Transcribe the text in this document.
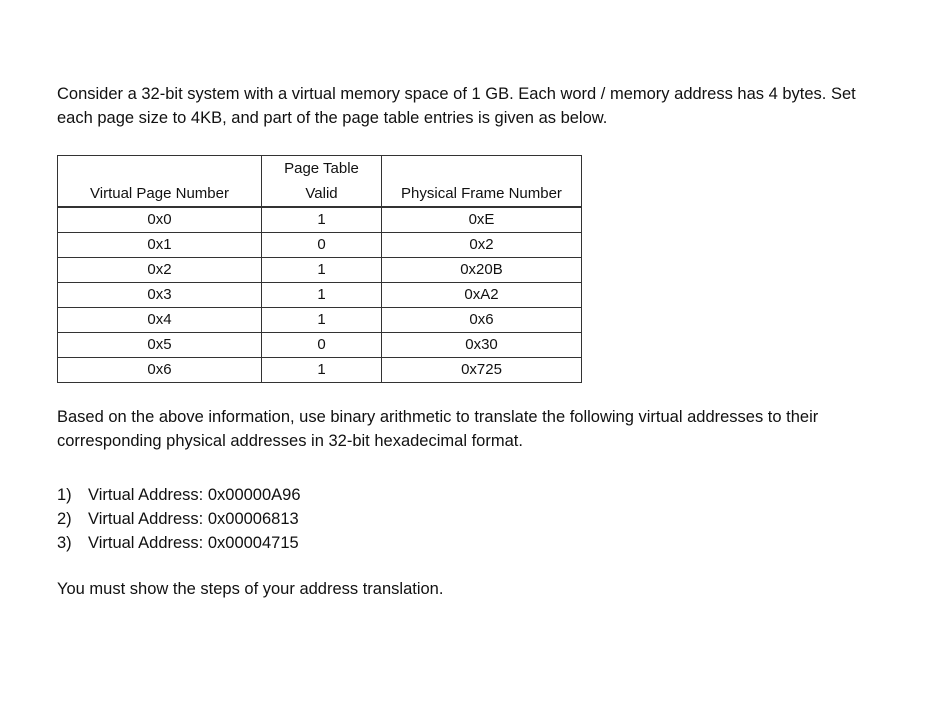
Consider a 32-bit system with a virtual memory space of 1 GB. Each word / memory address has 4 bytes. Set each page size to 4KB, and part of the page table entries is given as below.

	Page Table	
Virtual Page Number	Valid	Physical Frame Number
0x0	1	0xE
0x1	0	0x2
0x2	1	0x20B
0x3	1	0xA2
0x4	1	0x6
0x5	0	0x30
0x6	1	0x725

Based on the above information, use binary arithmetic to translate the following virtual addresses to their corresponding physical addresses in 32-bit hexadecimal format.

1) Virtual Address: 0x00000A96
2) Virtual Address: 0x00006813
3) Virtual Address: 0x00004715

You must show the steps of your address translation.
